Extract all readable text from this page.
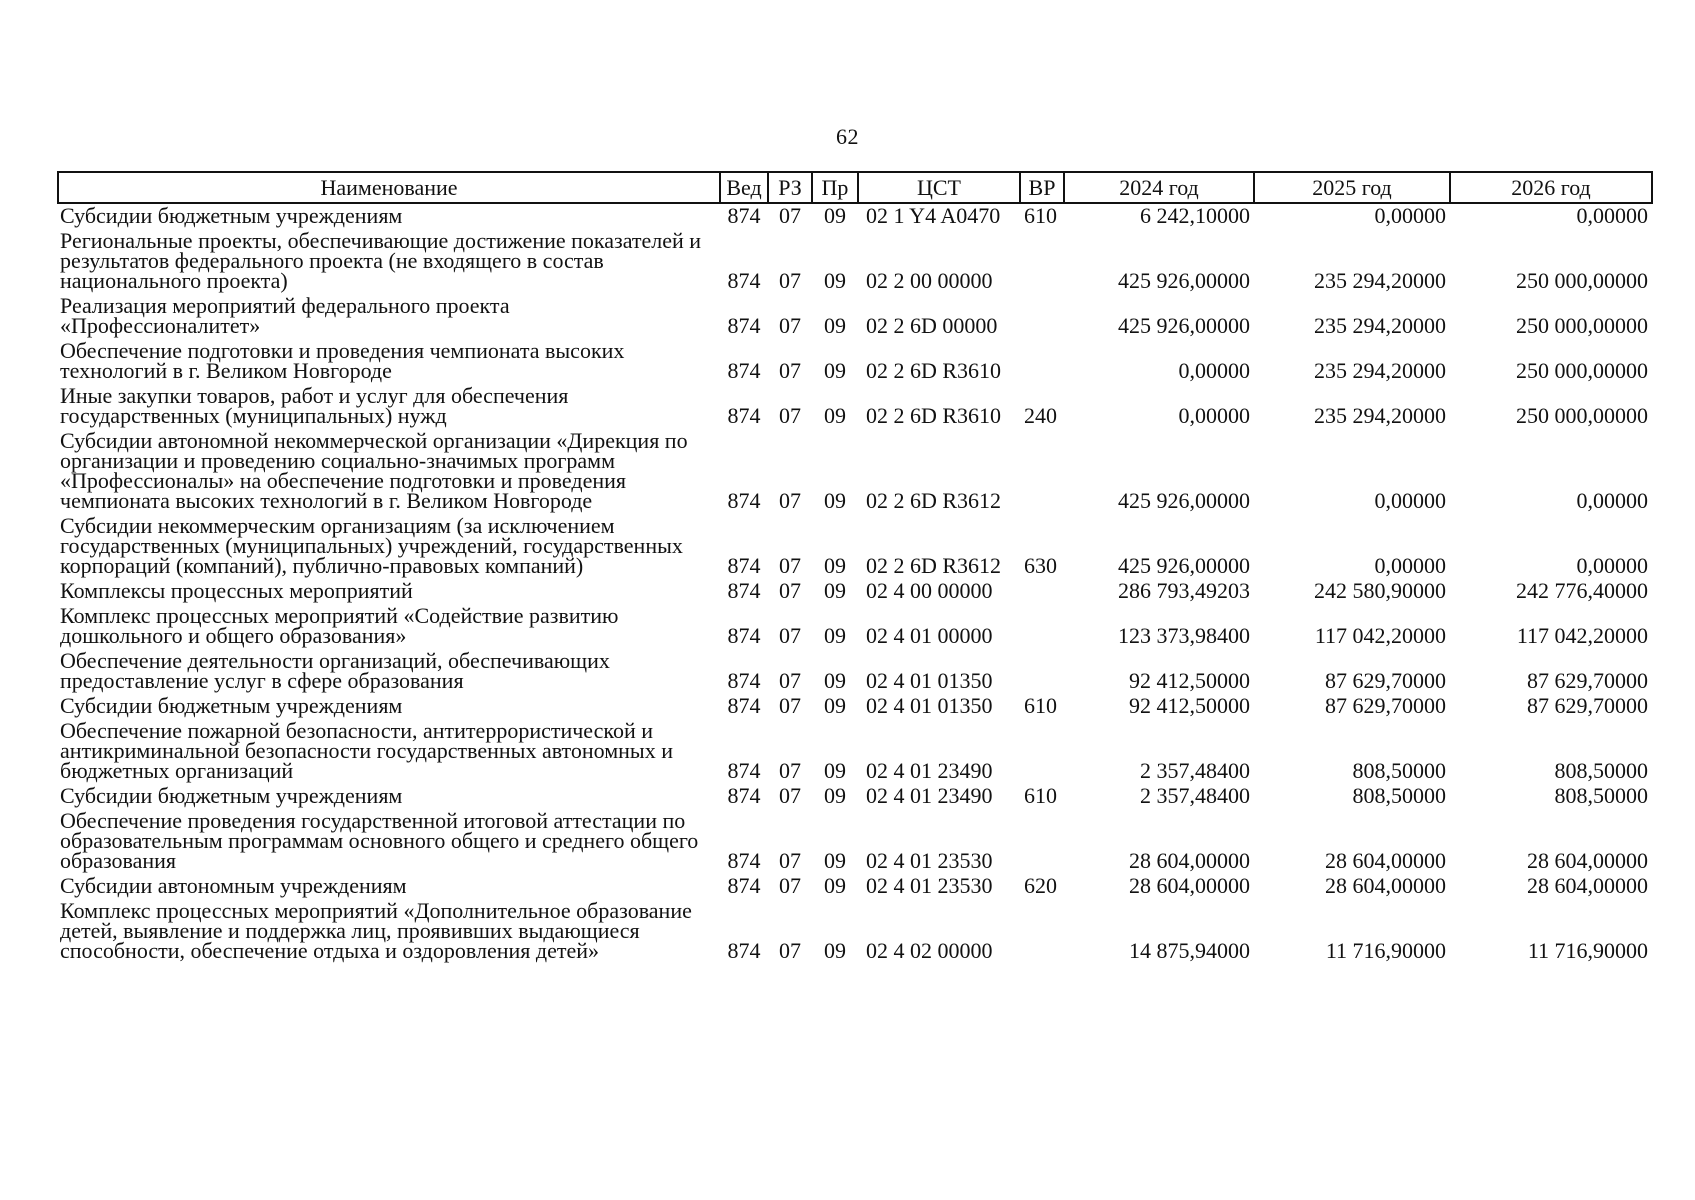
62
Наименование	Вед	РЗ	Пр	ЦСТ	ВР	2024 год	2025 год	2026 год
Субсидии бюджетным учреждениям	874	07	09	02 1 Y4 A0470	610	6 242,10000	0,00000	0,00000
Региональные проекты, обеспечивающие достижение показателей и результатов федерального проекта (не входящего в состав национального проекта)	874	07	09	02 2 00 00000		425 926,00000	235 294,20000	250 000,00000
Реализация мероприятий федерального проекта «Профессионалитет»	874	07	09	02 2 6D 00000		425 926,00000	235 294,20000	250 000,00000
Обеспечение подготовки и проведения чемпионата высоких технологий в г. Великом Новгороде	874	07	09	02 2 6D R3610		0,00000	235 294,20000	250 000,00000
Иные закупки товаров, работ и услуг для обеспечения государственных (муниципальных) нужд	874	07	09	02 2 6D R3610	240	0,00000	235 294,20000	250 000,00000
Субсидии автономной некоммерческой организации «Дирекция по организации и проведению социально-значимых программ «Профессионалы» на обеспечение подготовки и проведения чемпионата высоких технологий в г. Великом Новгороде	874	07	09	02 2 6D R3612		425 926,00000	0,00000	0,00000
Субсидии некоммерческим организациям (за исключением государственных (муниципальных) учреждений, государственных корпораций (компаний), публично-правовых компаний)	874	07	09	02 2 6D R3612	630	425 926,00000	0,00000	0,00000
Комплексы процессных мероприятий	874	07	09	02 4 00 00000		286 793,49203	242 580,90000	242 776,40000
Комплекс процессных мероприятий «Содействие развитию дошкольного и общего образования»	874	07	09	02 4 01 00000		123 373,98400	117 042,20000	117 042,20000
Обеспечение деятельности организаций, обеспечивающих предоставление услуг в сфере образования	874	07	09	02 4 01 01350		92 412,50000	87 629,70000	87 629,70000
Субсидии бюджетным учреждениям	874	07	09	02 4 01 01350	610	92 412,50000	87 629,70000	87 629,70000
Обеспечение пожарной безопасности, антитеррористической и антикриминальной безопасности государственных автономных и бюджетных организаций	874	07	09	02 4 01 23490		2 357,48400	808,50000	808,50000
Субсидии бюджетным учреждениям	874	07	09	02 4 01 23490	610	2 357,48400	808,50000	808,50000
Обеспечение проведения государственной итоговой аттестации по образовательным программам основного общего и среднего общего образования	874	07	09	02 4 01 23530		28 604,00000	28 604,00000	28 604,00000
Субсидии автономным учреждениям	874	07	09	02 4 01 23530	620	28 604,00000	28 604,00000	28 604,00000
Комплекс процессных мероприятий «Дополнительное образование детей, выявление и поддержка лиц, проявивших выдающиеся способности, обеспечение отдыха и оздоровления детей»	874	07	09	02 4 02 00000		14 875,94000	11 716,90000	11 716,90000
